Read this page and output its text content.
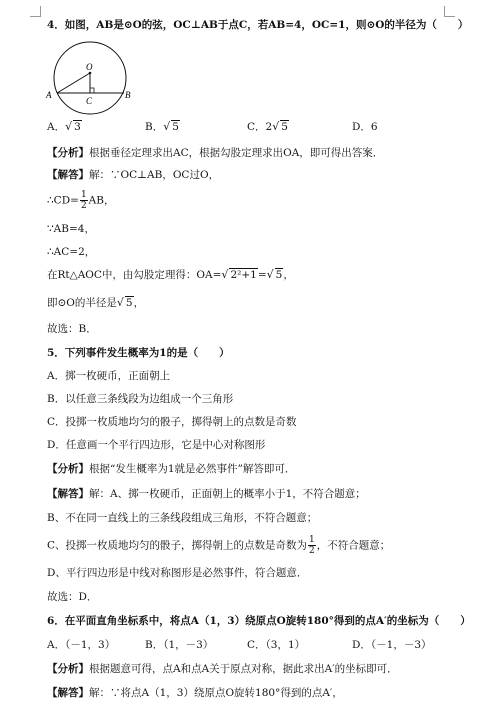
4．如图，AB是⊙O的弦，OC⊥AB于点C，若AB=4，OC=1，则⊙O的半径为（　　）
O
A	B
C
A．√ 3	B．√ 5	C．2√ 5	D．6
【分析】根据垂径定理求出AC，根据勾股定理求出OA，即可得出答案．
【解答】解：∵OC⊥AB，OC过O，
∴CD= $\frac{1}{2}$ AB，
∵AB=4，
∴AC=2，
在Rt△AOC中，由勾股定理得：OA=√ 2²+1=√ 5，
即⊙O的半径是√ 5，
故选：B．
5．下列事件发生概率为1的是（　　）
A．掷一枚硬币，正面朝上
B．以任意三条线段为边组成一个三角形
C．投掷一枚质地均匀的骰子，掷得朝上的点数是奇数
D．任意画一个平行四边形，它是中心对称图形
【分析】根据“发生概率为1就是必然事件”解答即可．
【解答】解：A、掷一枚硬币，正面朝上的概率小于1，不符合题意；
B、不在同一直线上的三条线段组成三角形，不符合题意；
C、投掷一枚质地均匀的骰子，掷得朝上的点数是奇数为 $\frac{1}{2}$ ，不符合题意；
D、平行四边形是中线对称图形是必然事件，符合题意．
故选：D．
6．在平面直角坐标系中，将点A（1，3）绕原点O旋转180°得到的点A′的坐标为（　　）
A．（－1，3）	B．（1，－3）	C．（3，1）	D．（－1，－3）
【分析】根据题意可得，点A和点A关于原点对称，据此求出A′的坐标即可．
【解答】解：∵将点A（1，3）绕原点O旋转180°得到的点A′，
